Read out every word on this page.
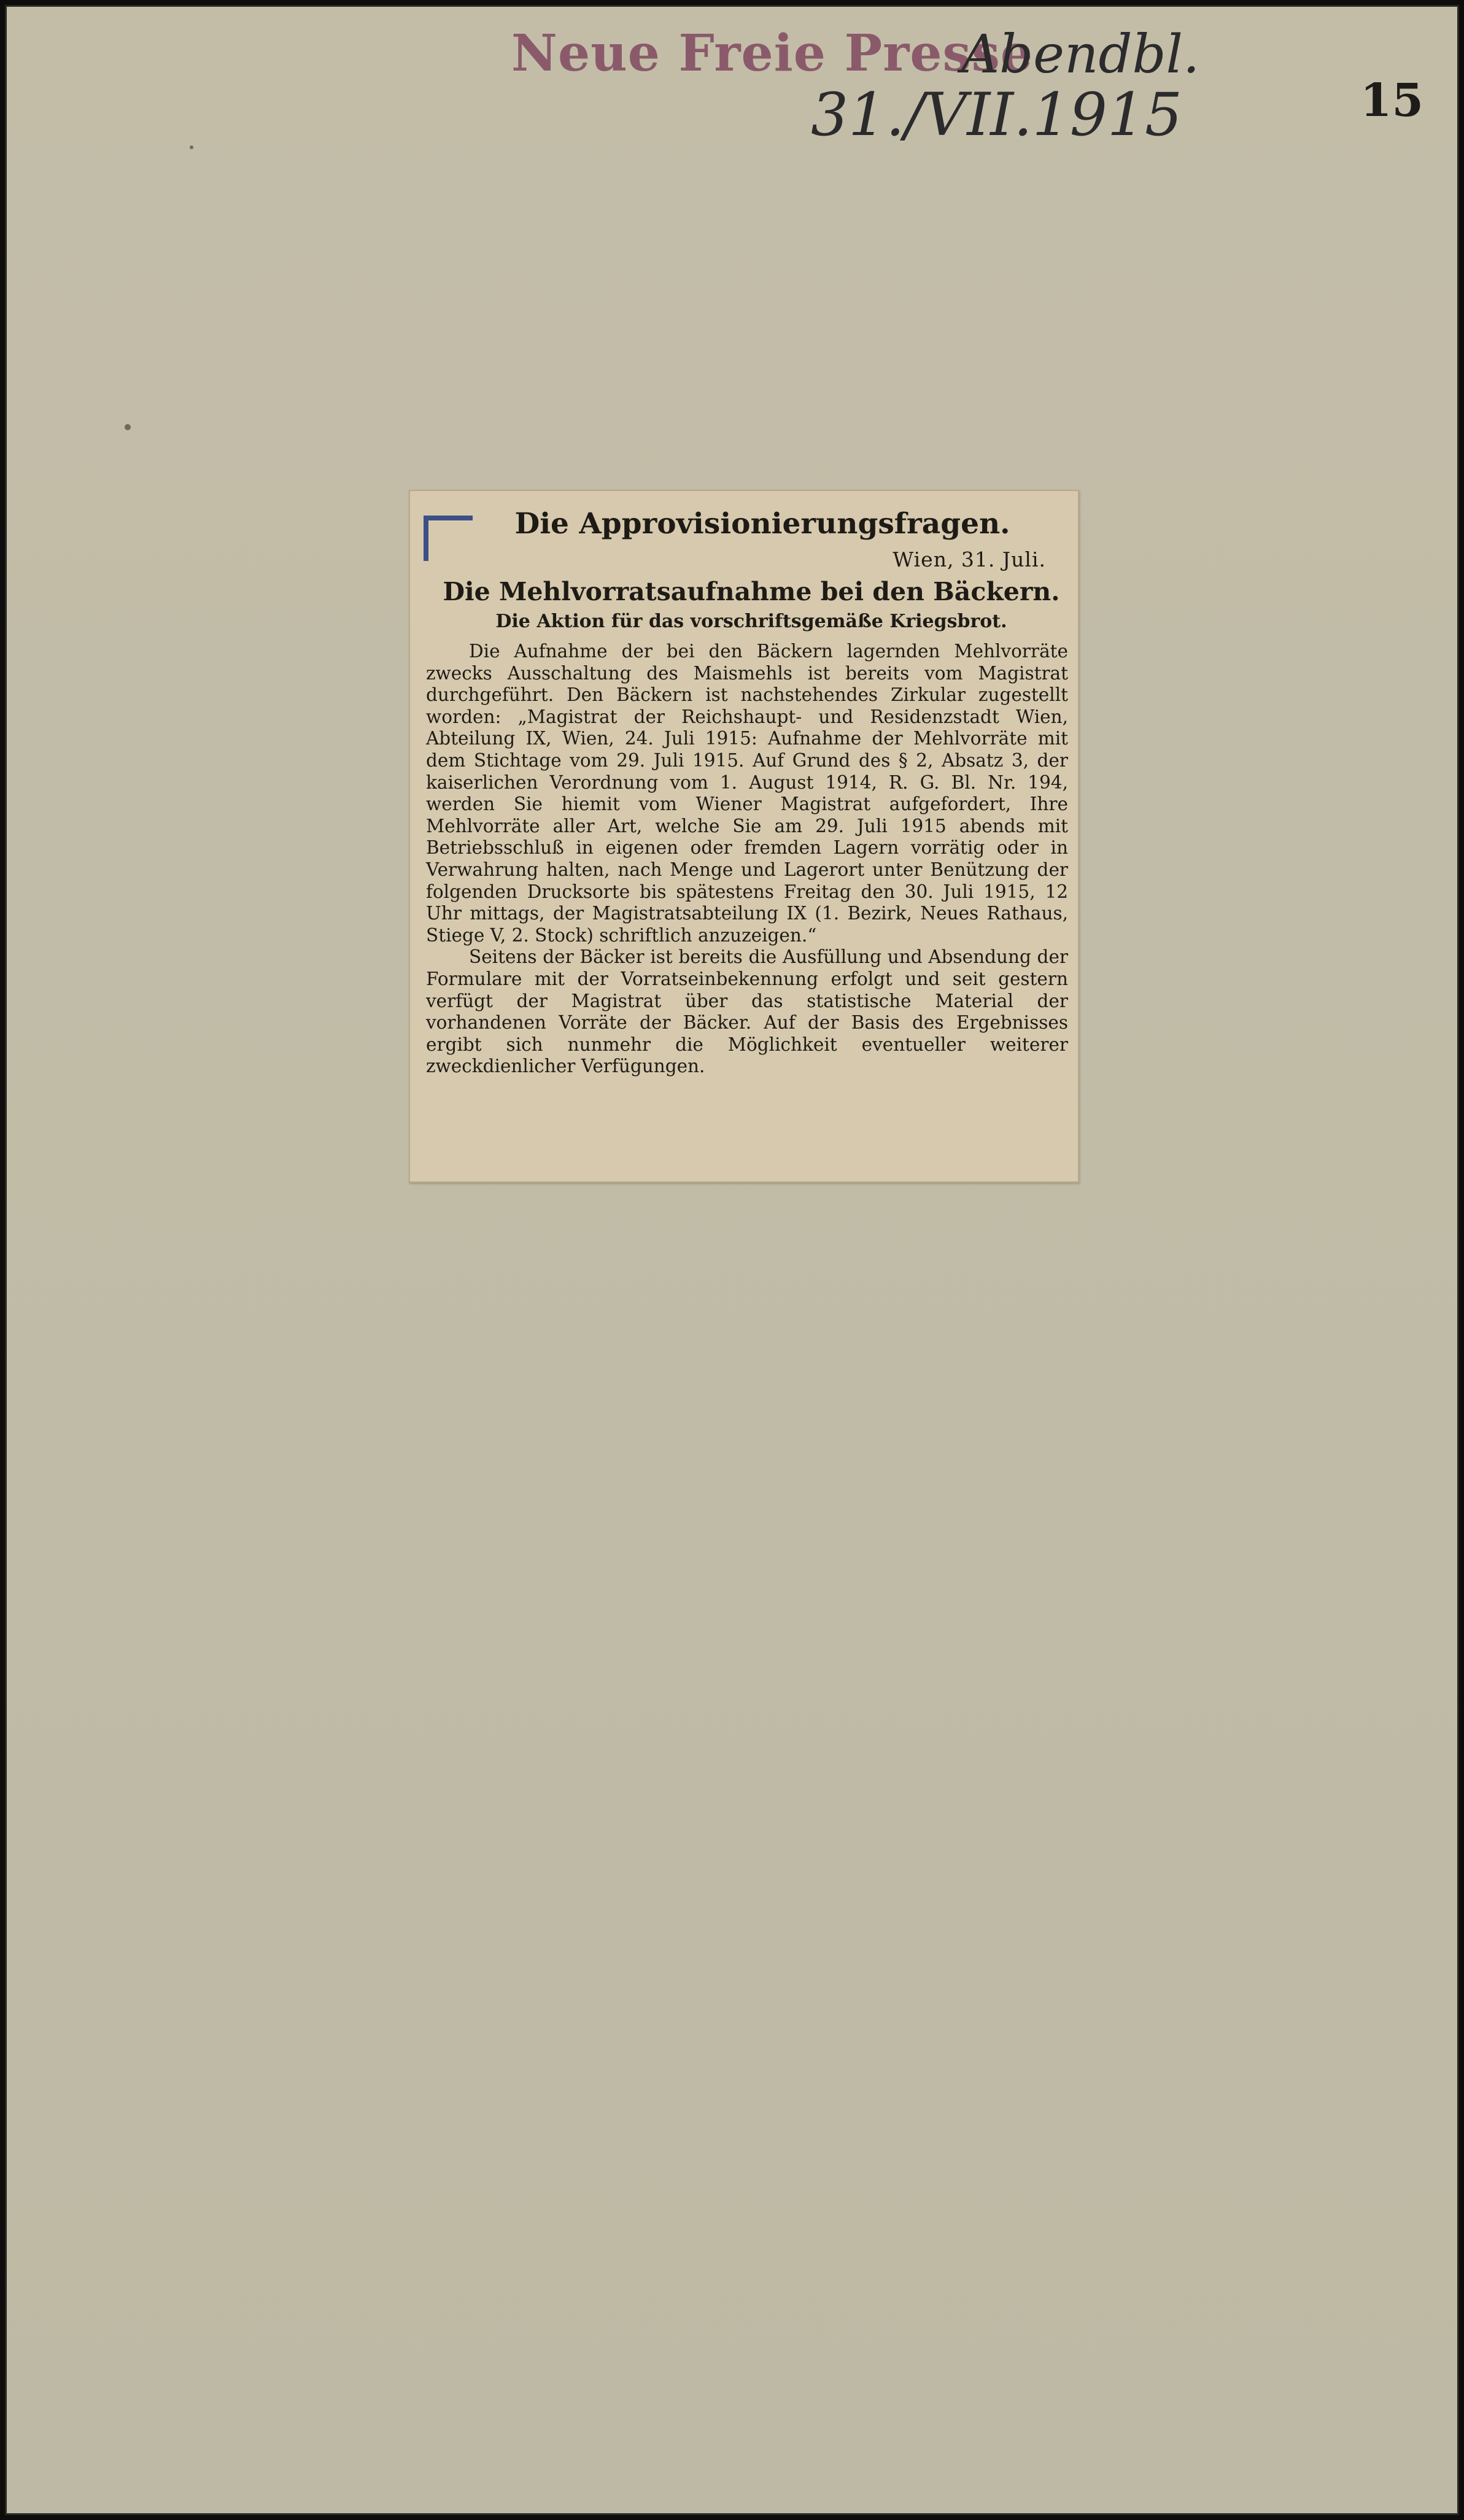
Neue Freie Presse
Abendbl.
31./VII.1915	15
Die Approvisionierungsfragen.
Wien, 31. Juli.
Die Mehlvorratsaufnahme bei den Bäckern.
Die Aktion für das vorschriftsgemäße Kriegsbrot.

Die Aufnahme der bei den Bäckern lagernden Mehlvorräte zwecks Ausschaltung des Maismehls ist bereits vom Magistrat durchgeführt. Den Bäckern ist nachstehendes Zirkular zugestellt worden: „Magistrat der Reichshaupt- und Residenzstadt Wien, Abteilung IX, Wien, 24. Juli 1915: Aufnahme der Mehlvorräte mit dem Stichtage vom 29. Juli 1915. Auf Grund des § 2, Absatz 3, der kaiserlichen Verordnung vom 1. August 1914, R. G. Bl. Nr. 194, werden Sie hiemit vom Wiener Magistrat aufgefordert, Ihre Mehlvorräte aller Art, welche Sie am 29. Juli 1915 abends mit Betriebsschluß in eigenen oder fremden Lagern vorrätig oder in Verwahrung halten, nach Menge und Lagerort unter Benützung der folgenden Drucksorte bis spätestens Freitag den 30. Juli 1915, 12 Uhr mittags, der Magistratsabteilung IX (1. Bezirk, Neues Rathaus, Stiege V, 2. Stock) schriftlich anzuzeigen.“

Seitens der Bäcker ist bereits die Ausfüllung und Absendung der Formulare mit der Vorratseinbekennung erfolgt und seit gestern verfügt der Magistrat über das statistische Material der vorhandenen Vorräte der Bäcker. Auf der Basis des Ergebnisses ergibt sich nunmehr die Möglichkeit eventueller weiterer zweckdienlicher Verfügungen.
